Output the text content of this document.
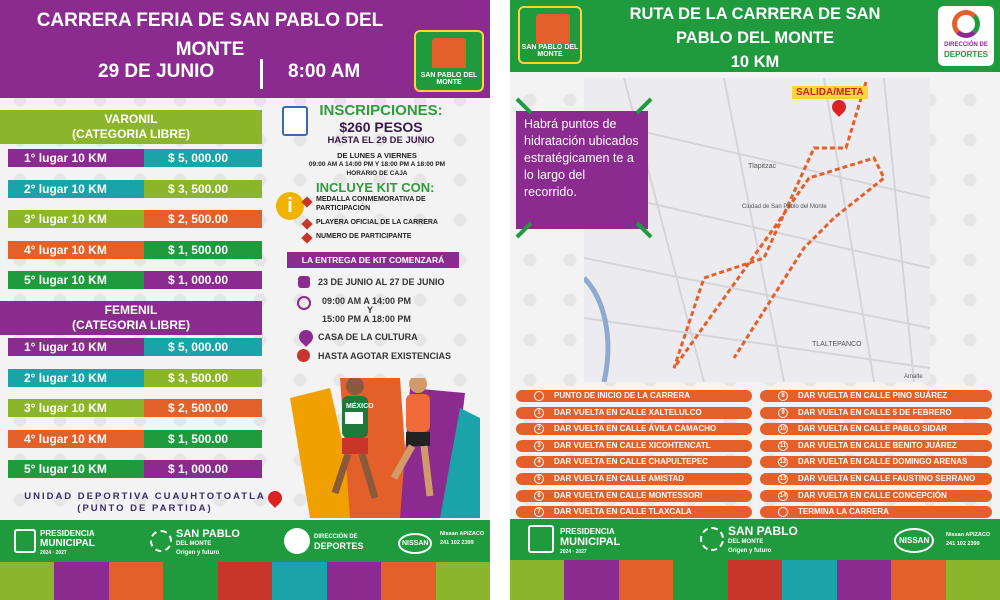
CARRERA FERIA DE SAN PABLO DEL MONTE
29 DE JUNIO	8:00 AM	SAN PABLO DEL MONTE
VARONIL
(CATEGORIA LIBRE)
1° lugar 10 KM	$ 5, 000.00
2° lugar 10 KM	$ 3, 500.00
3° lugar 10 KM	$ 2, 500.00
4° lugar 10 KM	$ 1, 500.00
5° lugar 10 KM	$ 1, 000.00
FEMENIL
(CATEGORIA LIBRE)
1° lugar 10 KM	$ 5, 000.00
2° lugar 10 KM	$ 3, 500.00
3° lugar 10 KM	$ 2, 500.00
4° lugar 10 KM	$ 1, 500.00
5° lugar 10 KM	$ 1, 000.00
INSCRIPCIONES:
$260 PESOS
HASTA EL 29 DE JUNIO
DE LUNES A VIERNES
09:00 AM A 14:00 PM Y 18:00 PM A 18:00 PM
HORARIO DE CAJA
i
INCLUYE KIT CON:
MEDALLA CONMEMORATIVA DE
PARTICIPACIÓN
PLAYERA OFICIAL DE LA CARRERA
NUMERO DE PARTICIPANTE
LA ENTREGA DE KIT COMENZARÁ
23 DE JUNIO AL 27 DE JUNIO
09:00 AM A 14:00 PM
Y
15:00 PM A 18:00 PM
CASA DE LA CULTURA
HASTA AGOTAR EXISTENCIAS
MÉXICO
UNIDAD DEPORTIVA CUAUHTOTOATLA
(PUNTO DE PARTIDA)
PRESIDENCIA
MUNICIPAL
2024 · 2027
SAN PABLO
DEL MONTE
Origen y futuro
DIRECCIÓN DE
DEPORTES	NISSAN
Nissan APIZACO
241 102 2399
RUTA DE LA CARRERA DE SAN
PABLO DEL MONTE
10 KM
SAN PABLO DEL MONTE
DIRECCIÓN DE
DEPORTES
Tlapitzac
Ciudad de San Pablo del Monte
TLALTEPANCO
Amalte
SALIDA/META
Habrá puntos de hidratación ubicados estratégicamen te a lo largo del recorrido.
PUNTO DE INICIO DE LA CARRERA
1	DAR VUELTA EN CALLE XALTELULCO
2	DAR VUELTA EN CALLE ÁVILA CAMACHO
3	DAR VUELTA EN CALLE XICOHTENCATL
4	DAR VUELTA EN CALLE CHAPULTEPEC
5	DAR VUELTA EN CALLE AMISTAD
6	DAR VUELTA EN CALLE MONTESSORI
7	DAR VUELTA EN CALLE TLAXCALA
8	DAR VUELTA EN CALLE PINO SUÁREZ
9	DAR VUELTA EN CALLE 5 DE FEBRERO
10 DAR VUELTA EN CALLE PABLO SIDAR
11 DAR VUELTA EN CALLE BENITO JUÁREZ
12 DAR VUELTA EN CALLE DOMINGO ARENAS
13 DAR VUELTA EN CALLE FAUSTINO SERRANO
14 DAR VUELTA EN CALLE CONCEPCIÓN
TERMINA LA CARRERA
PRESIDENCIA
MUNICIPAL
2024 · 2027
SAN PABLO
DEL MONTE
Origen y futuro
NISSAN
Nissan APIZACO
241 102 2399
